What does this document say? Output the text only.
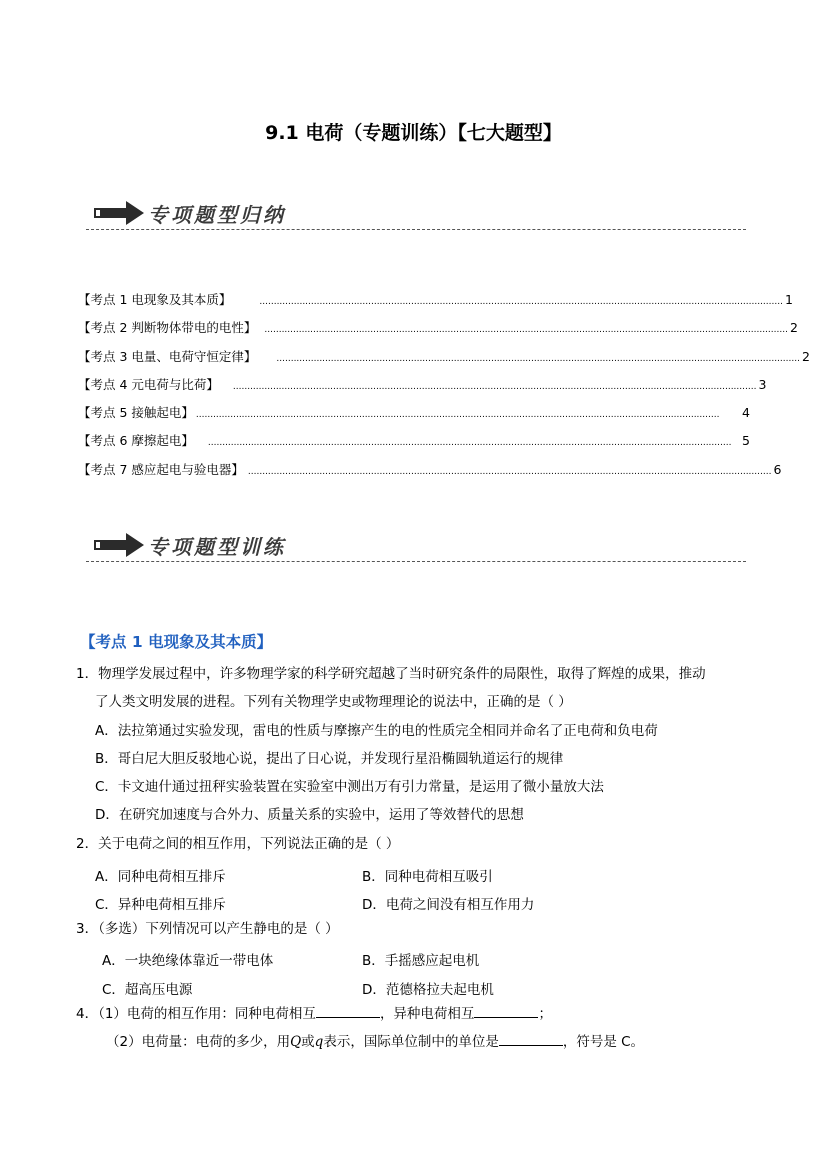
9.1 电荷（专题训练）【七大题型】
专项题型归纳
【考点 1 电现象及其本质】	....................................................................................................................................................................................... 1
【考点 2 判断物体带电的电性】 ....................................................................................................................................................................................... 2
【考点 3 电量、电荷守恒定律】 ....................................................................................................................................................................................... 2
【考点 4 元电荷与比荷】 ....................................................................................................................................................................................... 3
【考点 5 接触起电】 .......................................................................................................................................................................................	4
【考点 6 摩擦起电】 ....................................................................................................................................................................................... 5
【考点 7 感应起电与验电器】 ....................................................................................................................................................................................... 6
专项题型训练
【考点 1 电现象及其本质】
1．物理学发展过程中，许多物理学家的科学研究超越了当时研究条件的局限性，取得了辉煌的成果，推动
了人类文明发展的进程。下列有关物理学史或物理理论的说法中，正确的是（ ）
A．法拉第通过实验发现，雷电的性质与摩擦产生的电的性质完全相同并命名了正电荷和负电荷
B．哥白尼大胆反驳地心说，提出了日心说，并发现行星沿椭圆轨道运行的规律
C．卡文迪什通过扭秤实验装置在实验室中测出万有引力常量，是运用了微小量放大法
D．在研究加速度与合外力、质量关系的实验中，运用了等效替代的思想
2．关于电荷之间的相互作用，下列说法正确的是（ ）
A．同种电荷相互排斥	B．同种电荷相互吸引
C．异种电荷相互排斥	D．电荷之间没有相互作用力
3．（多选）下列情况可以产生静电的是（ ）
A．一块绝缘体靠近一带电体	B．手摇感应起电机
C．超高压电源	D．范德格拉夫起电机
4．（1）电荷的相互作用：同种电荷相互	，异种电荷相互	；
（2）电荷量：电荷的多少，用Q或q表示，国际单位制中的单位是	，符号是 C。
